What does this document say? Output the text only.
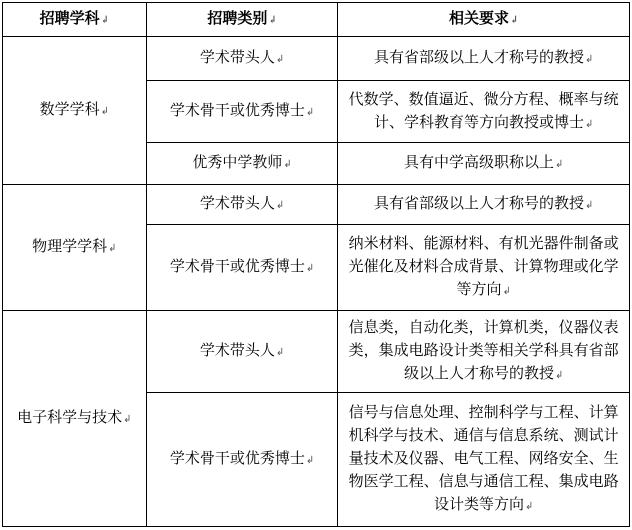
招聘学科↲	招聘类别↲	相关要求↲
数学学科↲	学术带头人↲	具有省部级以上人才称号的教授↲
	学术骨干或优秀博士↲	代数学、数值逼近、微分方程、概率与统计、学科教育等方向教授或博士↲
	优秀中学教师↲	具有中学高级职称以上↲
物理学学科↲	学术带头人↲	具有省部级以上人才称号的教授↲
	学术骨干或优秀博士↲	纳米材料、能源材料、有机光器件制备或光催化及材料合成背景、计算物理或化学等方向↲
电子科学与技术↲	学术带头人↲	信息类，自动化类，计算机类，仪器仪表类，集成电路设计类等相关学科具有省部级以上人才称号的教授↲
	学术骨干或优秀博士↲	信号与信息处理、控制科学与工程、计算机科学与技术、通信与信息系统、测试计量技术及仪器、电气工程、网络安全、生物医学工程、信息与通信工程、集成电路设计类等方向↲
